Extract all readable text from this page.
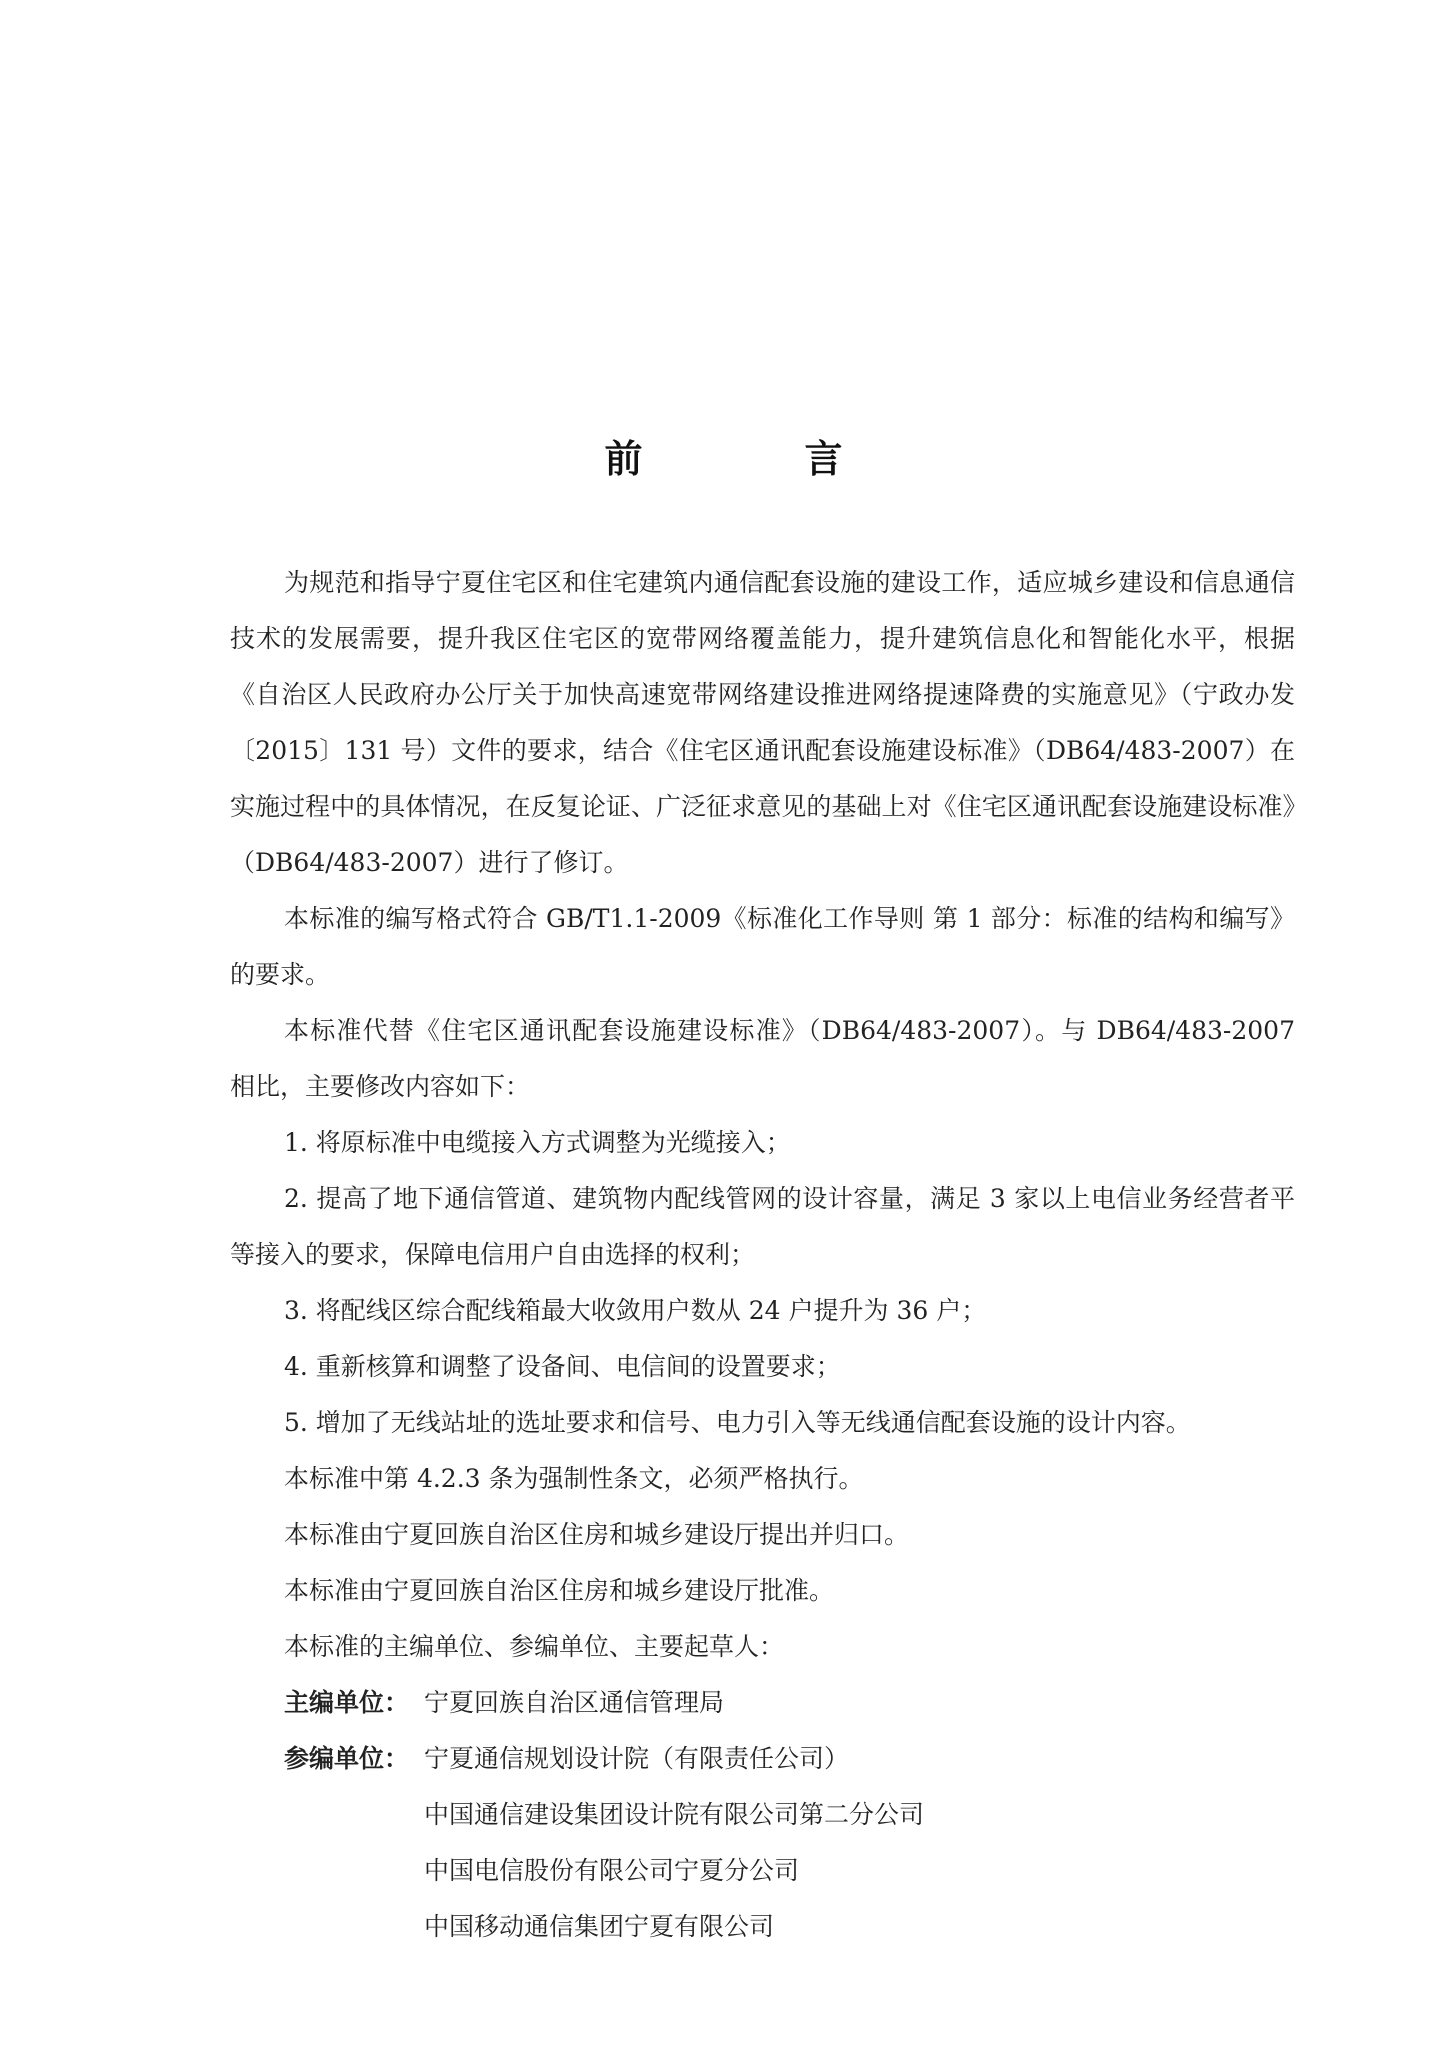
前　言

为规范和指导宁夏住宅区和住宅建筑内通信配套设施的建设工作，适应城乡建设和信息通信技术的发展需要，提升我区住宅区的宽带网络覆盖能力，提升建筑信息化和智能化水平，根据《自治区人民政府办公厅关于加快高速宽带网络建设推进网络提速降费的实施意见》（宁政办发〔2015〕131 号）文件的要求，结合《住宅区通讯配套设施建设标准》（DB64/483-2007）在实施过程中的具体情况，在反复论证、广泛征求意见的基础上对《住宅区通讯配套设施建设标准》（DB64/483-2007）进行了修订。

本标准的编写格式符合 GB/T1.1-2009《标准化工作导则 第 1 部分：标准的结构和编写》的要求。

本标准代替《住宅区通讯配套设施建设标准》（DB64/483-2007）。与 DB64/483-2007 相比，主要修改内容如下：

1. 将原标准中电缆接入方式调整为光缆接入；

2. 提高了地下通信管道、建筑物内配线管网的设计容量，满足 3 家以上电信业务经营者平等接入的要求，保障电信用户自由选择的权利；

3. 将配线区综合配线箱最大收敛用户数从 24 户提升为 36 户；

4. 重新核算和调整了设备间、电信间的设置要求；

5. 增加了无线站址的选址要求和信号、电力引入等无线通信配套设施的设计内容。

本标准中第 4.2.3 条为强制性条文，必须严格执行。

本标准由宁夏回族自治区住房和城乡建设厅提出并归口。

本标准由宁夏回族自治区住房和城乡建设厅批准。

本标准的主编单位、参编单位、主要起草人：

主编单位： 宁夏回族自治区通信管理局

参编单位： 宁夏通信规划设计院（有限责任公司）

中国通信建设集团设计院有限公司第二分公司

中国电信股份有限公司宁夏分公司

中国移动通信集团宁夏有限公司
